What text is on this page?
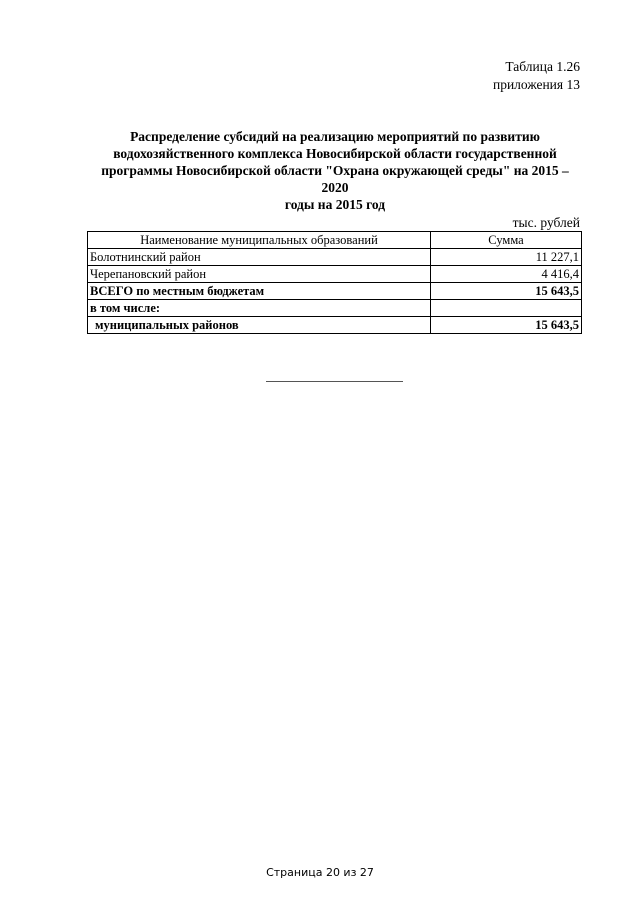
Таблица 1.26
приложения 13
Распределение субсидий на реализацию мероприятий по развитию
водохозяйственного комплекса Новосибирской области государственной
программы Новосибирской области "Охрана окружающей среды" на 2015 – 2020
годы на 2015 год
тыс. рублей
Наименование муниципальных образований	Сумма
Болотнинский район	11 227,1
Черепановский район	4 416,4
ВСЕГО по местным бюджетам	15 643,5
в том числе:	
муниципальных районов	15 643,5
Страница 20 из 27
